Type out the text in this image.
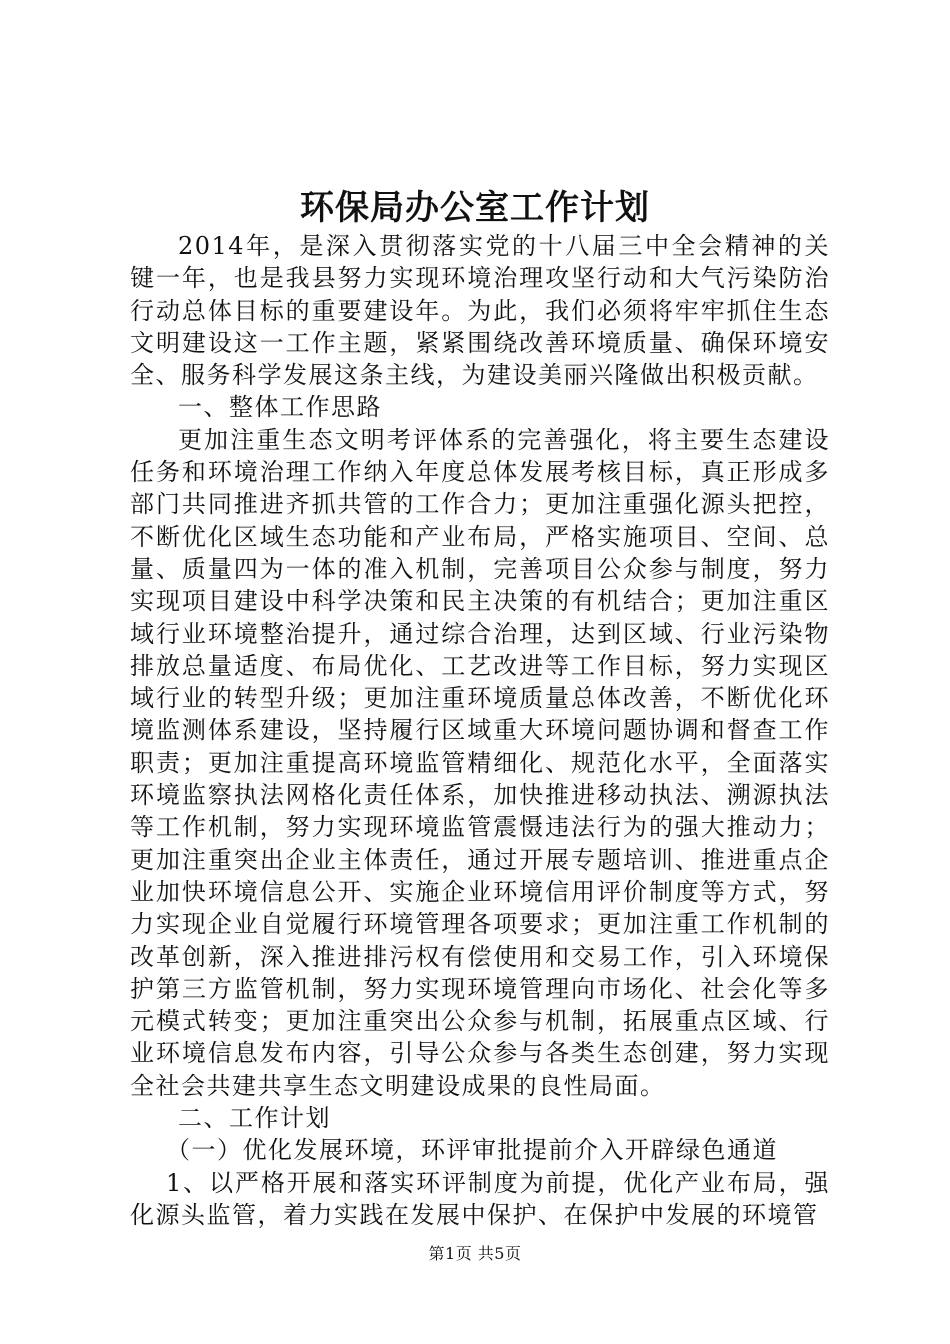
环保局办公室工作计划

2014年，是深入贯彻落实党的十八届三中全会精神的关键一年，也是我县努力实现环境治理攻坚行动和大气污染防治行动总体目标的重要建设年。为此，我们必须将牢牢抓住生态文明建设这一工作主题，紧紧围绕改善环境质量、确保环境安全、服务科学发展这条主线，为建设美丽兴隆做出积极贡献。

一、整体工作思路

更加注重生态文明考评体系的完善强化，将主要生态建设任务和环境治理工作纳入年度总体发展考核目标，真正形成多部门共同推进齐抓共管的工作合力；更加注重强化源头把控，不断优化区域生态功能和产业布局，严格实施项目、空间、总量、质量四为一体的准入机制，完善项目公众参与制度，努力实现项目建设中科学决策和民主决策的有机结合；更加注重区域行业环境整治提升，通过综合治理，达到区域、行业污染物排放总量适度、布局优化、工艺改进等工作目标，努力实现区域行业的转型升级；更加注重环境质量总体改善，不断优化环境监测体系建设，坚持履行区域重大环境问题协调和督查工作职责；更加注重提高环境监管精细化、规范化水平，全面落实环境监察执法网格化责任体系，加快推进移动执法、溯源执法等工作机制，努力实现环境监管震慑违法行为的强大推动力；更加注重突出企业主体责任，通过开展专题培训、推进重点企业加快环境信息公开、实施企业环境信用评价制度等方式，努力实现企业自觉履行环境管理各项要求；更加注重工作机制的改革创新，深入推进排污权有偿使用和交易工作，引入环境保护第三方监管机制，努力实现环境管理向市场化、社会化等多元模式转变；更加注重突出公众参与机制，拓展重点区域、行业环境信息发布内容，引导公众参与各类生态创建，努力实现全社会共建共享生态文明建设成果的良性局面。

二、工作计划

（一）优化发展环境，环评审批提前介入开辟绿色通道

1、以严格开展和落实环评制度为前提，优化产业布局，强化源头监管，着力实践在发展中保护、在保护中发展的环境管

第1页 共5页
